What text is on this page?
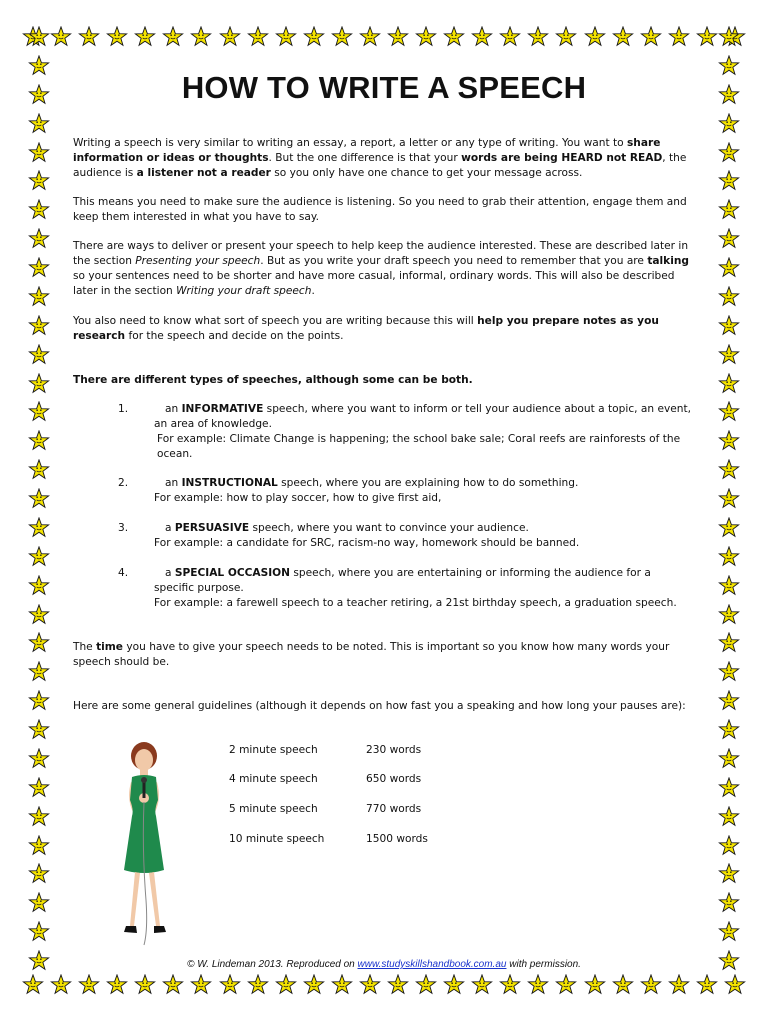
HOW TO WRITE A SPEECH
Writing a speech is very similar to writing an essay, a report, a letter or any type of writing. You want to share information or ideas or thoughts. But the one difference is that your words are being HEARD not READ, the audience is a listener not a reader so you only have one chance to get your message across.
This means you need to make sure the audience is listening. So you need to grab their attention, engage them and keep them interested in what you have to say.
There are ways to deliver or present your speech to help keep the audience interested. These are described later in the section Presenting your speech. But as you write your draft speech you need to remember that you are talking so your sentences need to be shorter and have more casual, informal, ordinary words. This will also be described later in the section Writing your draft speech.
You also need to know what sort of speech you are writing because this will help you prepare notes as you research for the speech and decide on the points.
There are different types of speeches, although some can be both.
1.	an INFORMATIVE speech, where you want to inform or tell your audience about a topic, an event, an area of knowledge.
For example: Climate Change is happening; the school bake sale; Coral reefs are rainforests of the ocean.
2.	an INSTRUCTIONAL speech, where you are explaining how to do something.
For example: how to play soccer, how to give first aid,
3.	a PERSUASIVE speech, where you want to convince your audience.
For example: a candidate for SRC, racism-no way, homework should be banned.
4.	a SPECIAL OCCASION speech, where you are entertaining or informing the audience for a specific purpose.
For example: a farewell speech to a teacher retiring, a 21st birthday speech, a graduation speech.
The time you have to give your speech needs to be noted. This is important so you know how many words your speech should be.
Here are some general guidelines (although it depends on how fast you a speaking and how long your pauses are):
2 minute speech	230 words
4 minute speech	650 words
5 minute speech	770 words
10 minute speech	1500 words
© W. Lindeman 2013. Reproduced on www.studyskillshandbook.com.au with permission.
